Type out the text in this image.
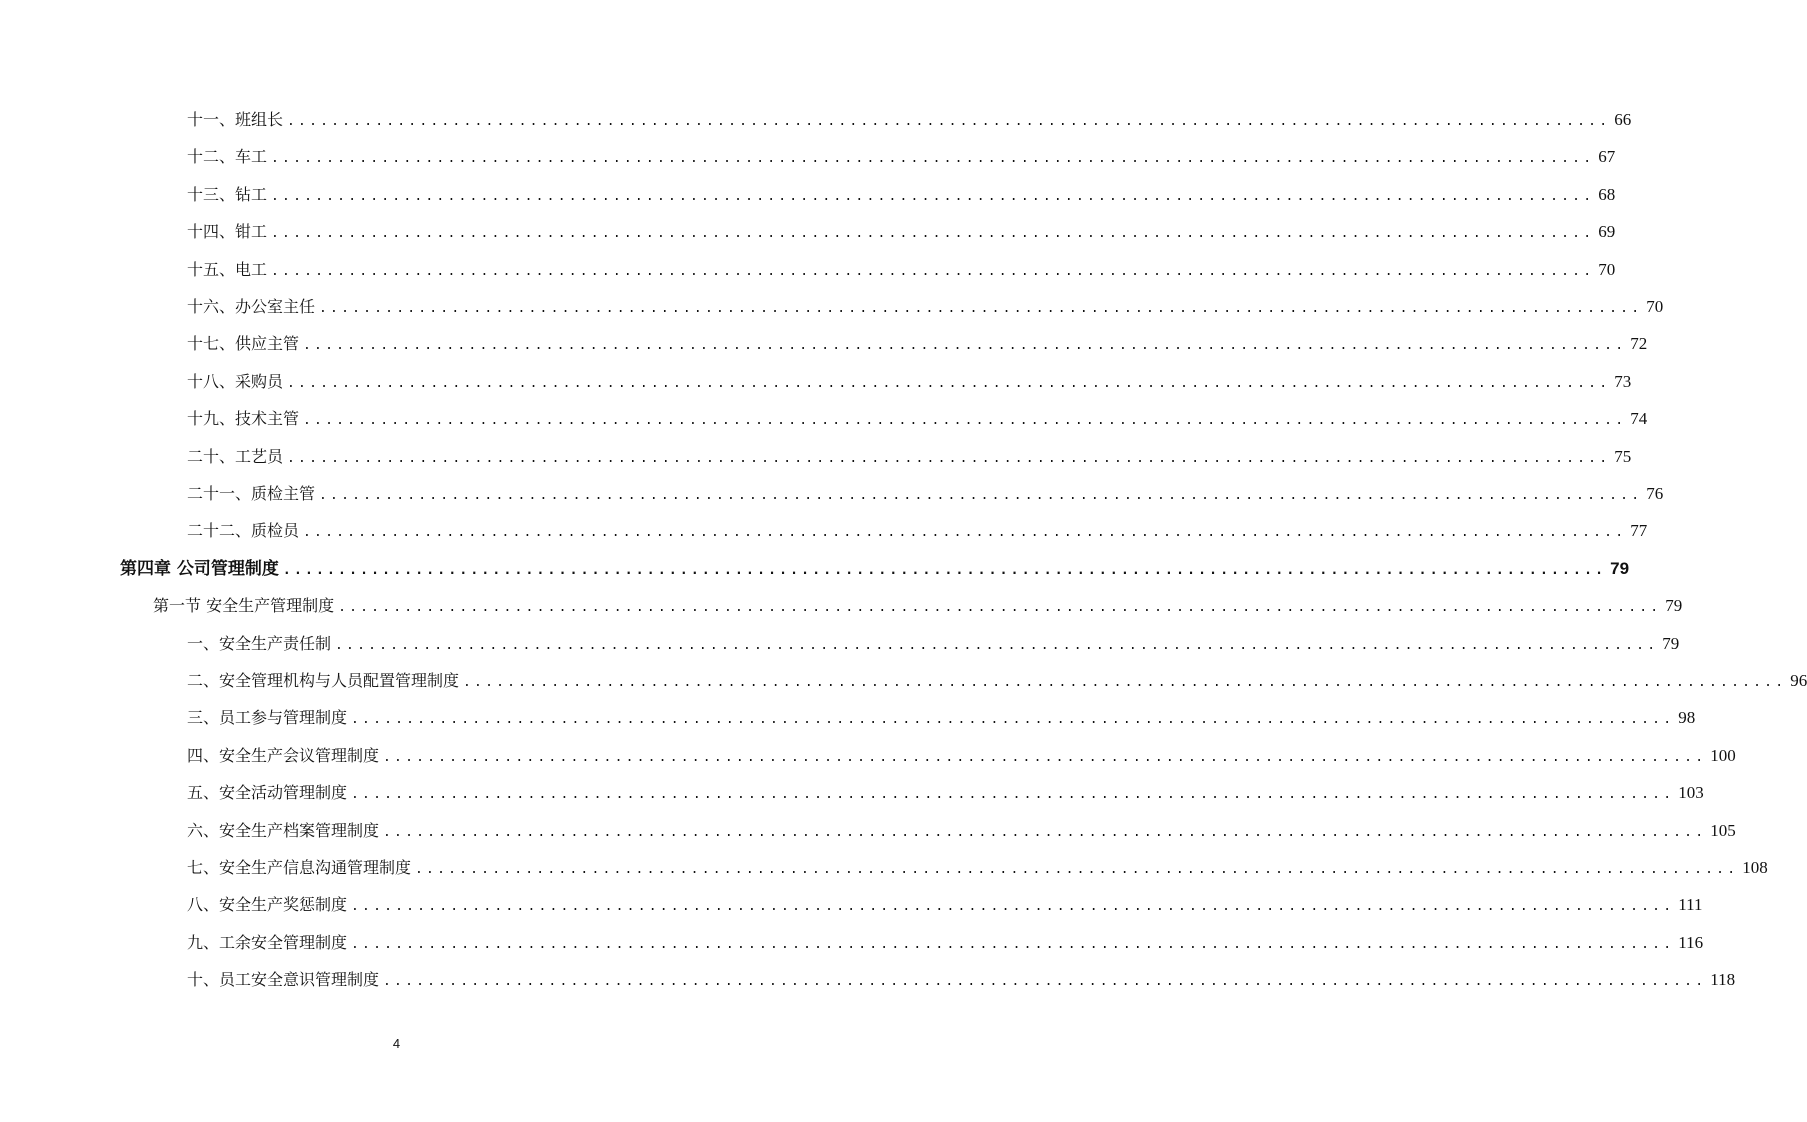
十一、班组长 ........................................................................................................................ 66
十二、车工 ........................................................................................................................ 67
十三、钻工 ........................................................................................................................ 68
十四、钳工 ........................................................................................................................ 69
十五、电工 ........................................................................................................................ 70
十六、办公室主任 ........................................................................................................................ 70
十七、供应主管 ........................................................................................................................ 72
十八、采购员 ........................................................................................................................ 73
十九、技术主管 ........................................................................................................................ 74
二十、工艺员 ........................................................................................................................ 75
二十一、质检主管 ........................................................................................................................ 76
二十二、质检员 ........................................................................................................................ 77
第四章 公司管理制度 ........................................................................................................................ 79
第一节 安全生产管理制度 ........................................................................................................................ 79
一、安全生产责任制 ........................................................................................................................ 79
二、安全管理机构与人员配置管理制度 ........................................................................................................................ 96
三、员工参与管理制度 ........................................................................................................................ 98
四、安全生产会议管理制度 ........................................................................................................................ 100
五、安全活动管理制度 ........................................................................................................................ 103
六、安全生产档案管理制度 ........................................................................................................................ 105
七、安全生产信息沟通管理制度 ........................................................................................................................ 108
八、安全生产奖惩制度 ........................................................................................................................ 111
九、工余安全管理制度 ........................................................................................................................ 116
十、员工安全意识管理制度 ........................................................................................................................ 118
4
